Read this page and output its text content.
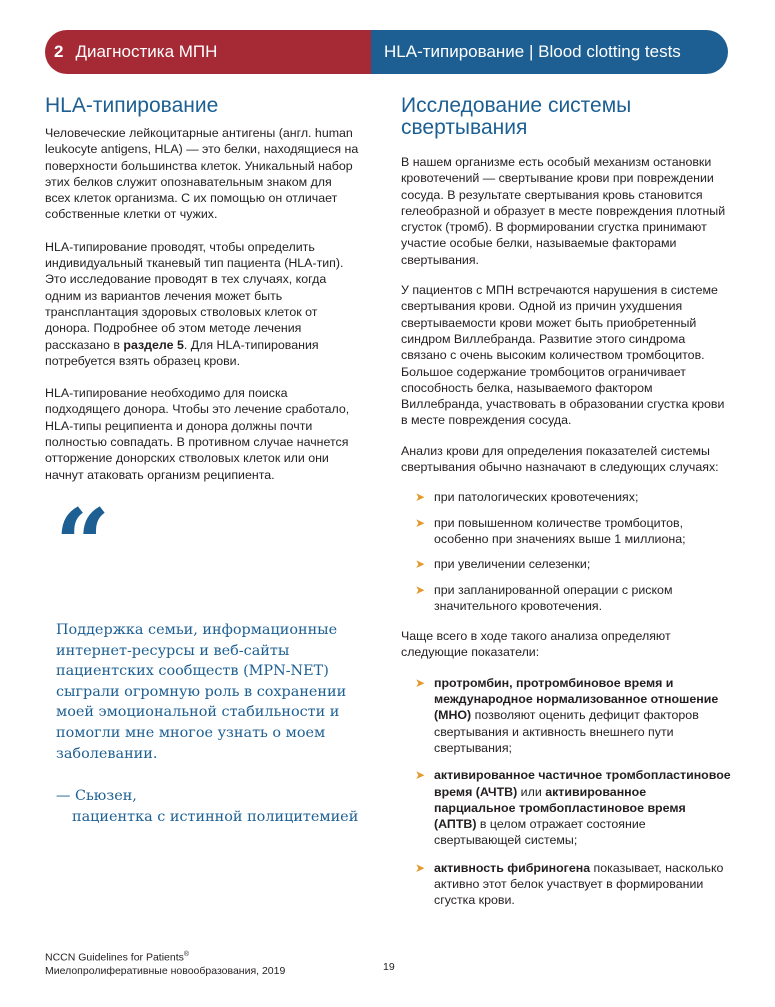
2 Диагностика МПН	HLA-типирование | Blood clotting tests
HLA-типирование

Человеческие лейкоцитарные антигены (англ. human leukocyte antigens, HLA) — это белки, находящиеся на поверхности большинства клеток. Уникальный набор этих белков служит опознавательным знаком для всех клеток организма. С их помощью он отличает собственные клетки от чужих.

HLA-типирование проводят, чтобы определить индивидуальный тканевый тип пациента (HLA-тип). Это исследование проводят в тех случаях, когда одним из вариантов лечения может быть трансплантация здоровых стволовых клеток от донора. Подробнее об этом методе лечения рассказано в разделе 5. Для HLA-типирования потребуется взять образец крови.

HLA-типирование необходимо для поиска подходящего донора. Чтобы это лечение сработало, HLA-типы реципиента и донора должны почти полностью совпадать. В противном случае начнется отторжение донорских стволовых клеток или они начнут атаковать организм реципиента.

“
Поддержка семьи, информационные интернет-ресурсы и веб-сайты пациентских сообществ (MPN-NET) сыграли огромную роль в сохранении моей эмоциональной стабильности и помогли мне многое узнать о моем заболевании.
— Сьюзен,
пациентка с истинной полицитемией
Исследование системы свертывания

В нашем организме есть особый механизм остановки кровотечений — свертывание крови при повреждении сосуда. В результате свертывания кровь становится гелеобразной и образует в месте повреждения плотный сгусток (тромб). В формировании сгустка принимают участие особые белки, называемые факторами свертывания.

У пациентов с МПН встречаются нарушения в системе свертывания крови. Одной из причин ухудшения свертываемости крови может быть приобретенный синдром Виллебранда. Развитие этого синдрома связано с очень высоким количеством тромбоцитов. Большое содержание тромбоцитов ограничивает способность белка, называемого фактором Виллебранда, участвовать в образовании сгустка крови в месте повреждения сосуда.

Анализ крови для определения показателей системы свертывания обычно назначают в следующих случаях:

➤ при патологических кровотечениях;
➤ при повышенном количестве тромбоцитов, особенно при значениях выше 1 миллиона;
➤ при увеличении селезенки;
➤ при запланированной операции с риском значительного кровотечения.

Чаще всего в ходе такого анализа определяют следующие показатели:

➤ протромбин, протромбиновое время и международное нормализованное отношение (МНО) позволяют оценить дефицит факторов свертывания и активность внешнего пути свертывания;
➤ активированное частичное тромбопластиновое время (АЧТВ) или активированное парциальное тромбопластиновое время (АПТВ) в целом отражает состояние свертывающей системы;
➤ активность фибриногена показывает, насколько активно этот белок участвует в формировании сгустка крови.
NCCN Guidelines for Patients®
Миелопролиферативные новообразования, 2019	19
